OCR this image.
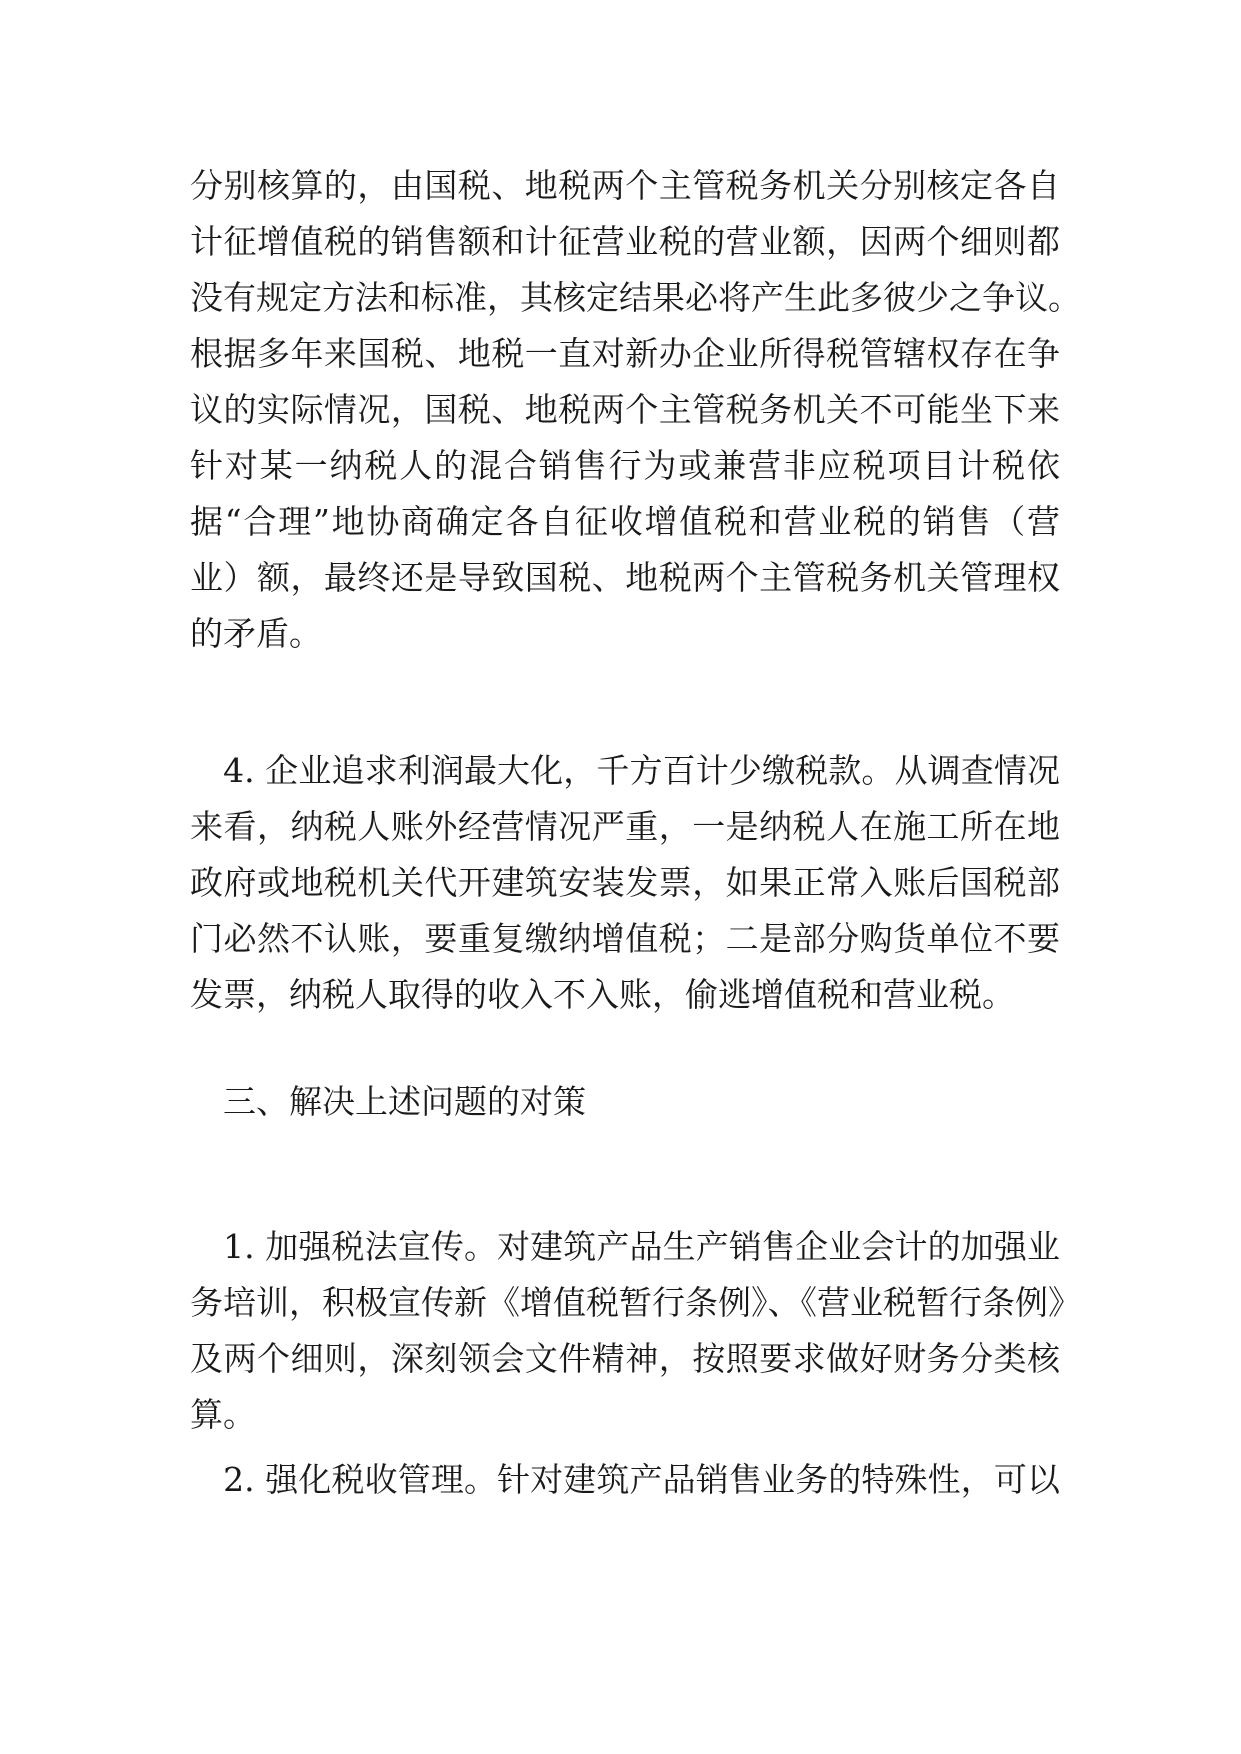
分别核算的，由国税、地税两个主管税务机关分别核定各自
计征增值税的销售额和计征营业税的营业额，因两个细则都
没有规定方法和标准，其核定结果必将产生此多彼少之争议。
根据多年来国税、地税一直对新办企业所得税管辖权存在争
议的实际情况，国税、地税两个主管税务机关不可能坐下来
针对某一纳税人的混合销售行为或兼营非应税项目计税依
据“合理”地协商确定各自征收增值税和营业税的销售（营
业）额，最终还是导致国税、地税两个主管税务机关管理权
的矛盾。
　4. 企业追求利润最大化，千方百计少缴税款。从调查情况
来看，纳税人账外经营情况严重，一是纳税人在施工所在地
政府或地税机关代开建筑安装发票，如果正常入账后国税部
门必然不认账，要重复缴纳增值税；二是部分购货单位不要
发票，纳税人取得的收入不入账，偷逃增值税和营业税。
　三、解决上述问题的对策
　1. 加强税法宣传。对建筑产品生产销售企业会计的加强业
务培训，积极宣传新《增值税暂行条例》、《营业税暂行条例》
及两个细则，深刻领会文件精神，按照要求做好财务分类核
算。
　2. 强化税收管理。针对建筑产品销售业务的特殊性，可以
